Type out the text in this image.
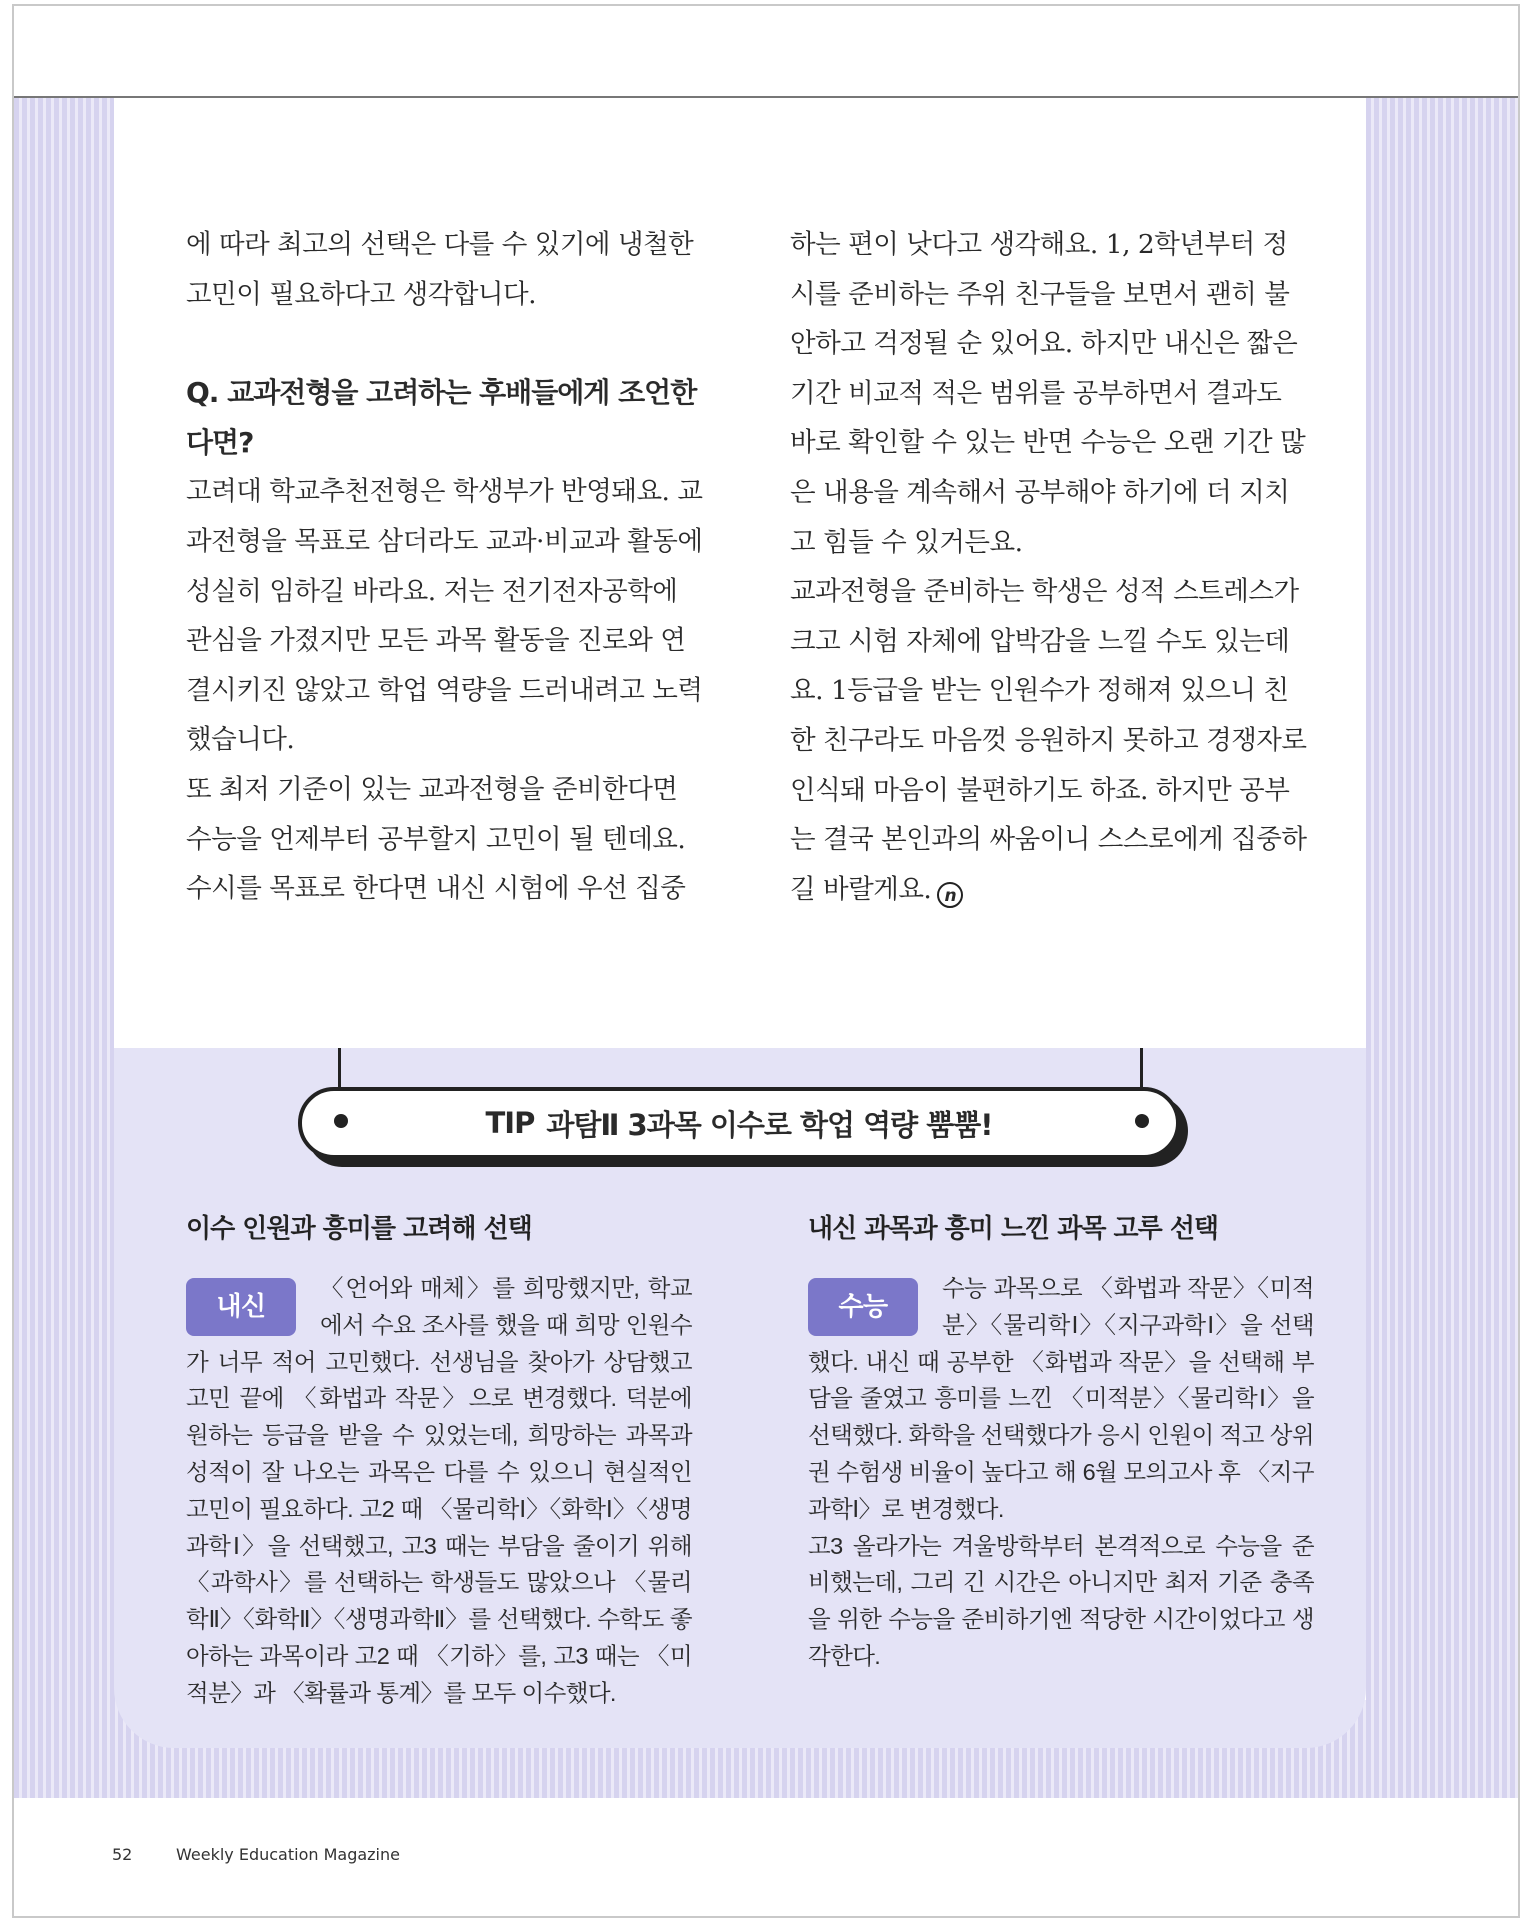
에 따라 최고의 선택은 다를 수 있기에 냉철한 고민이 필요하다고 생각합니다.

Q. 교과전형을 고려하는 후배들에게 조언한다면?

고려대 학교추천전형은 학생부가 반영돼요. 교과전형을 목표로 삼더라도 교과·비교과 활동에 성실히 임하길 바라요. 저는 전기전자공학에 관심을 가졌지만 모든 과목 활동을 진로와 연결시키진 않았고 학업 역량을 드러내려고 노력했습니다.

또 최저 기준이 있는 교과전형을 준비한다면 수능을 언제부터 공부할지 고민이 될 텐데요. 수시를 목표로 한다면 내신 시험에 우선 집중

하는 편이 낫다고 생각해요. 1, 2학년부터 정시를 준비하는 주위 친구들을 보면서 괜히 불안하고 걱정될 순 있어요. 하지만 내신은 짧은 기간 비교적 적은 범위를 공부하면서 결과도 바로 확인할 수 있는 반면 수능은 오랜 기간 많은 내용을 계속해서 공부해야 하기에 더 지치고 힘들 수 있거든요.

교과전형을 준비하는 학생은 성적 스트레스가 크고 시험 자체에 압박감을 느낄 수도 있는데요. 1등급을 받는 인원수가 정해져 있으니 친한 친구라도 마음껏 응원하지 못하고 경쟁자로 인식돼 마음이 불편하기도 하죠. 하지만 공부는 결국 본인과의 싸움이니 스스로에게 집중하길 바랄게요. n

TIP 과탐Ⅱ 3과목 이수로 학업 역량 뿜뿜!
이수 인원과 흥미를 고려해 선택	내신 과목과 흥미 느낀 과목 고루 선택
내신
〈언어와 매체〉를 희망했지만, 학교에서 수요 조사를 했을 때 희망 인원수가 너무 적어 고민했다. 선생님을 찾아가 상담했고 고민 끝에 〈화법과 작문〉으로 변경했다. 덕분에 원하는 등급을 받을 수 있었는데, 희망하는 과목과 성적이 잘 나오는 과목은 다를 수 있으니 현실적인 고민이 필요하다. 고2 때 〈물리학Ⅰ〉〈화학Ⅰ〉〈생명과학Ⅰ〉을 선택했고, 고3 때는 부담을 줄이기 위해 〈과학사〉를 선택하는 학생들도 많았으나 〈물리학Ⅱ〉〈화학Ⅱ〉〈생명과학Ⅱ〉를 선택했다. 수학도 좋아하는 과목이라 고2 때 〈기하〉를, 고3 때는 〈미적분〉과 〈확률과 통계〉를 모두 이수했다.
수능
수능 과목으로 〈화법과 작문〉〈미적분〉〈물리학Ⅰ〉〈지구과학Ⅰ〉을 선택했다. 내신 때 공부한 〈화법과 작문〉을 선택해 부담을 줄였고 흥미를 느낀 〈미적분〉〈물리학Ⅰ〉을 선택했다. 화학을 선택했다가 응시 인원이 적고 상위권 수험생 비율이 높다고 해 6월 모의고사 후 〈지구과학Ⅰ〉로 변경했다.

고3 올라가는 겨울방학부터 본격적으로 수능을 준비했는데, 그리 긴 시간은 아니지만 최저 기준 충족을 위한 수능을 준비하기엔 적당한 시간이었다고 생각한다.

52	Weekly Education Magazine
